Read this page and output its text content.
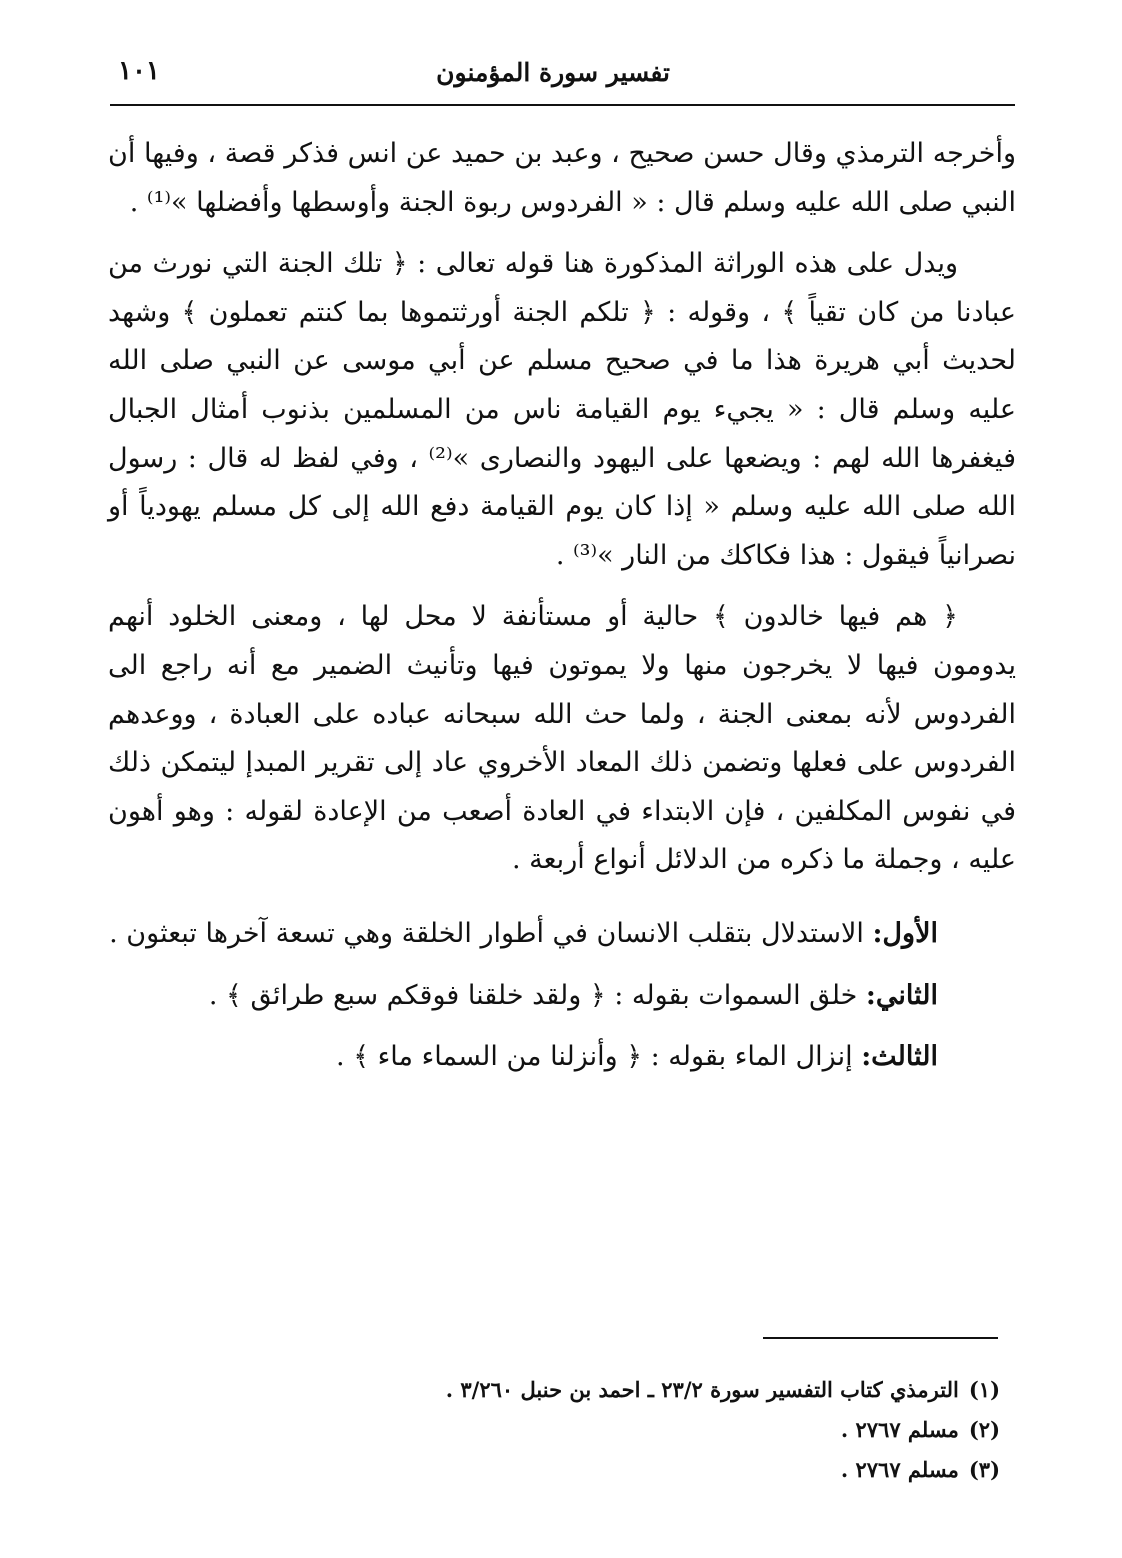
تفسير سورة المؤمنون
١٠١

وأخرجه الترمذي وقال حسن صحيح ، وعبد بن حميد عن انس فذكر قصة ، وفيها أن النبي صلى الله عليه وسلم قال : « الفردوس ربوة الجنة وأوسطها وأفضلها »⁽¹⁾ .

ويدل على هذه الوراثة المذكورة هنا قوله تعالى : ﴿ تلك الجنة التي نورث من عبادنا من كان تقياً ﴾ ، وقوله : ﴿ تلكم الجنة أورثتموها بما كنتم تعملون ﴾ وشهد لحديث أبي هريرة هذا ما في صحيح مسلم عن أبي موسى عن النبي صلى الله عليه وسلم قال : « يجيء يوم القيامة ناس من المسلمين بذنوب أمثال الجبال فيغفرها الله لهم : ويضعها على اليهود والنصارى »⁽²⁾ ، وفي لفظ له قال : رسول الله صلى الله عليه وسلم « إذا كان يوم القيامة دفع الله إلى كل مسلم يهودياً أو نصرانياً فيقول : هذا فكاكك من النار »⁽³⁾ .

﴿ هم فيها خالدون ﴾ حالية أو مستأنفة لا محل لها ، ومعنى الخلود أنهم يدومون فيها لا يخرجون منها ولا يموتون فيها وتأنيث الضمير مع أنه راجع الى الفردوس لأنه بمعنى الجنة ، ولما حث الله سبحانه عباده على العبادة ، ووعدهم الفردوس على فعلها وتضمن ذلك المعاد الأخروي عاد إلى تقرير المبدإ ليتمكن ذلك في نفوس المكلفين ، فإن الابتداء في العادة أصعب من الإعادة لقوله : وهو أهون عليه ، وجملة ما ذكره من الدلائل أنواع أربعة .

الأول: الاستدلال بتقلب الانسان في أطوار الخلقة وهي تسعة آخرها تبعثون .

الثاني: خلق السموات بقوله : ﴿ ولقد خلقنا فوقكم سبع طرائق ﴾ .

الثالث: إنزال الماء بقوله : ﴿ وأنزلنا من السماء ماء ﴾ .

(١)الترمذي كتاب التفسير سورة ٢٣/٢ ـ احمد بن حنبل ٣/٢٦٠ .

(٢)مسلم ٢٧٦٧ .

(٣)مسلم ٢٧٦٧ .
